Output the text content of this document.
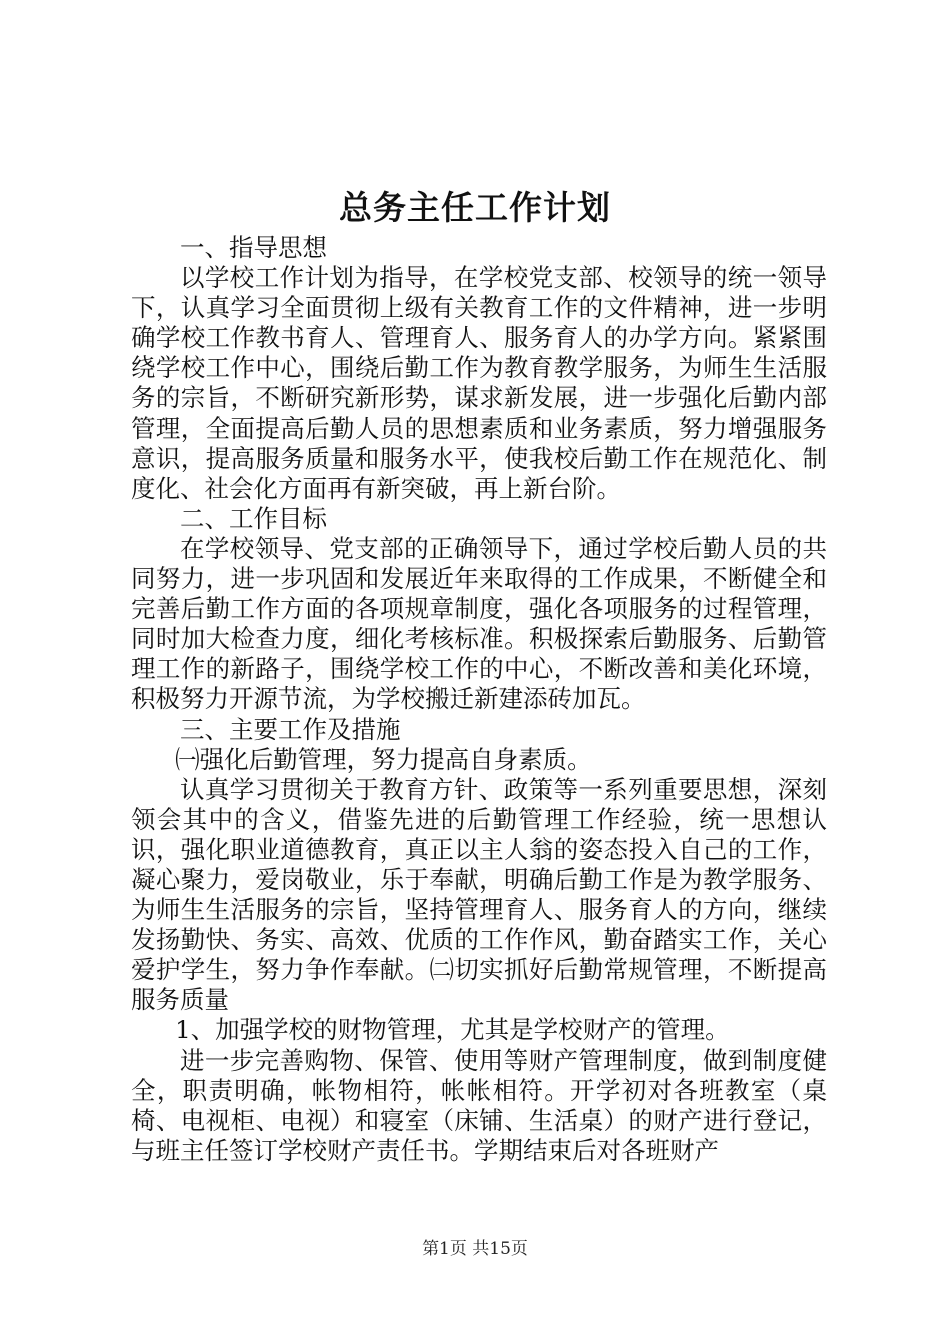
总务主任工作计划

一、指导思想

以学校工作计划为指导，在学校党支部、校领导的统一领导下，认真学习全面贯彻上级有关教育工作的文件精神，进一步明确学校工作教书育人、管理育人、服务育人的办学方向。紧紧围绕学校工作中心，围绕后勤工作为教育教学服务，为师生生活服务的宗旨，不断研究新形势，谋求新发展，进一步强化后勤内部管理，全面提高后勤人员的思想素质和业务素质，努力增强服务意识，提高服务质量和服务水平，使我校后勤工作在规范化、制度化、社会化方面再有新突破，再上新台阶。

二、工作目标

在学校领导、党支部的正确领导下，通过学校后勤人员的共同努力，进一步巩固和发展近年来取得的工作成果，不断健全和完善后勤工作方面的各项规章制度，强化各项服务的过程管理，同时加大检查力度，细化考核标准。积极探索后勤服务、后勤管理工作的新路子，围绕学校工作的中心，不断改善和美化环境，积极努力开源节流，为学校搬迁新建添砖加瓦。

三、主要工作及措施

㈠强化后勤管理，努力提高自身素质。

认真学习贯彻关于教育方针、政策等一系列重要思想，深刻领会其中的含义，借鉴先进的后勤管理工作经验，统一思想认识，强化职业道德教育，真正以主人翁的姿态投入自己的工作，凝心聚力，爱岗敬业，乐于奉献，明确后勤工作是为教学服务、为师生生活服务的宗旨，坚持管理育人、服务育人的方向，继续发扬勤快、务实、高效、优质的工作作风，勤奋踏实工作，关心爱护学生，努力争作奉献。㈡切实抓好后勤常规管理，不断提高服务质量

1、加强学校的财物管理，尤其是学校财产的管理。

进一步完善购物、保管、使用等财产管理制度，做到制度健全，职责明确，帐物相符，帐帐相符。开学初对各班教室（桌椅、电视柜、电视）和寝室（床铺、生活桌）的财产进行登记，与班主任签订学校财产责任书。学期结束后对各班财产

第1页 共15页
